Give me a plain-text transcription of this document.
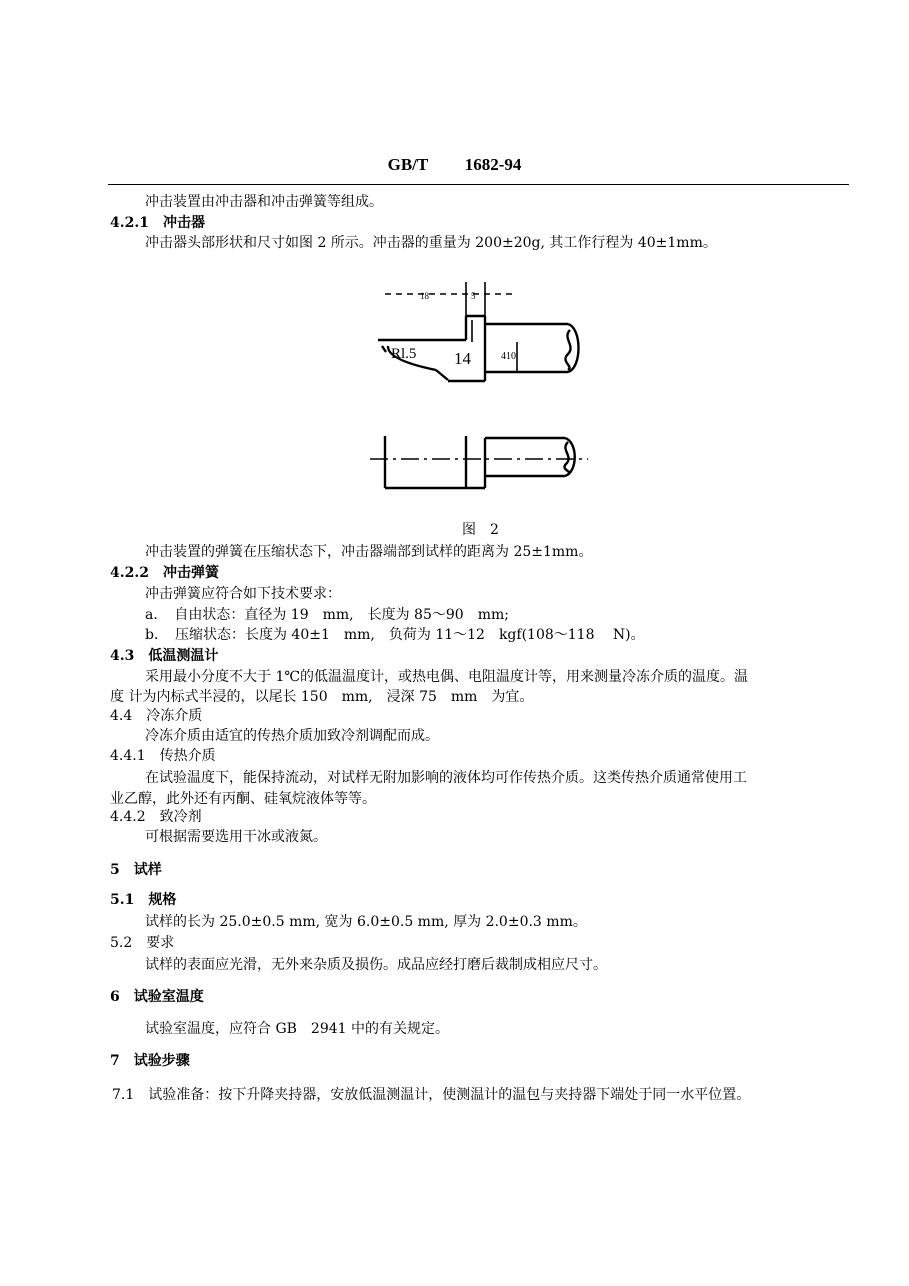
GB/T 1682-94
冲击装置由冲击器和冲击弹簧等组成。
4.2.1　冲击器
冲击器头部形状和尺寸如图 2 所示。冲击器的重量为 200±20g, 其工作行程为 40±1mm。
18	5
Rl.5 14	410
图　2
冲击装置的弹簧在压缩状态下，冲击器端部到试样的距离为 25±1mm。
4.2.2　冲击弹簧
冲击弹簧应符合如下技术要求：
a．　自由状态：直径为 19　mm,　长度为 85～90　mm;
b．　压缩状态：长度为 40±1　mm,　负荷为 11～12　kgf(108～118　 N)。
4.3　低温测温计
采用最小分度不大于 1℃的低温温度计，或热电偶、电阻温度计等，用来测量冷冻介质的温度。温
度 计为内标式半浸的，以尾长 150　mm,　浸深 75　mm　为宜。
4.4　冷冻介质
冷冻介质由适宜的传热介质加致冷剂调配而成。
4.4.1　传热介质
在试验温度下，能保持流动，对试样无附加影响的液体均可作传热介质。这类传热介质通常使用工
业乙醇，此外还有丙酮、硅氧烷液体等等。
4.4.2　致冷剂
可根据需要选用干冰或液氮。
5　试样
5.1　规格
试样的长为 25.0±0.5 mm, 宽为 6.0±0.5 mm, 厚为 2.0±0.3 mm。
5.2　要求
试样的表面应光滑，无外来杂质及损伤。成品应经打磨后裁制成相应尺寸。
6　试验室温度
试验室温度，应符合 GB　2941 中的有关规定。
7　试验步骤
7.1　试验准备：按下升降夹持器，安放低温测温计，使测温计的温包与夹持器下端处于同一水平位置。
